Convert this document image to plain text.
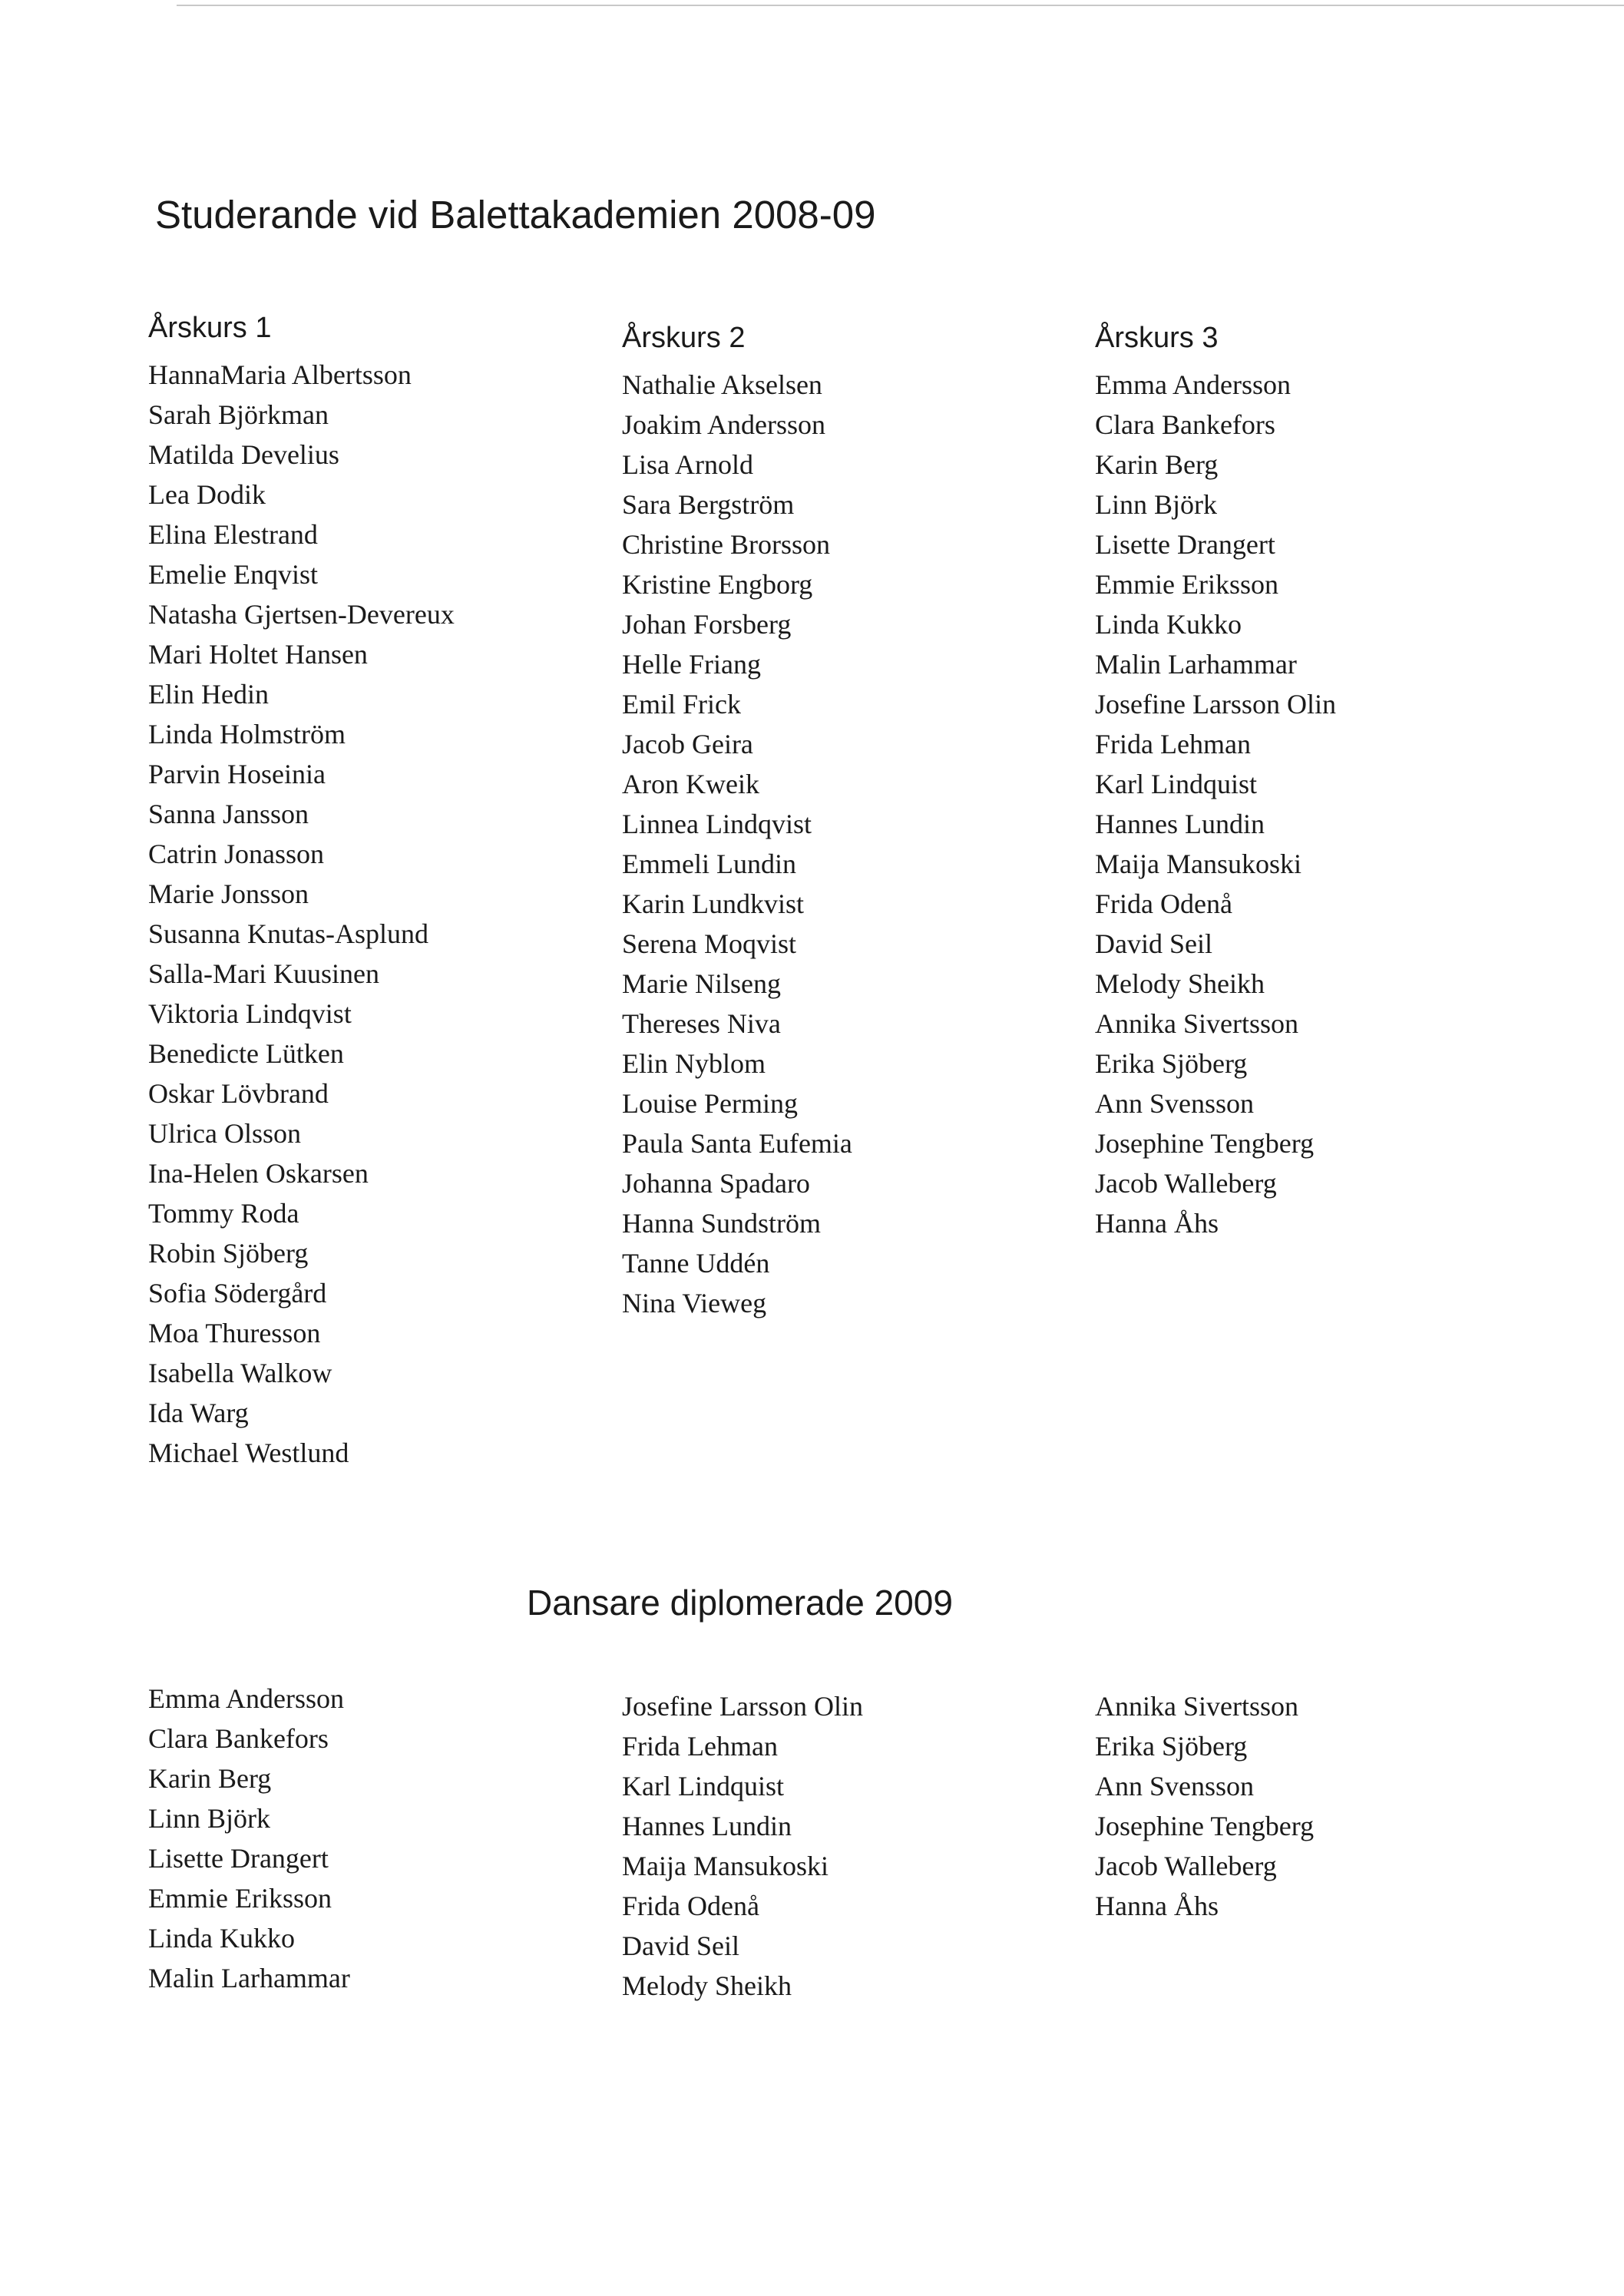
Studerande vid Balettakademien 2008-09
Årskurs 1
HannaMaria Albertsson
Sarah Björkman
Matilda Develius
Lea Dodik
Elina Elestrand
Emelie Enqvist
Natasha Gjertsen-Devereux
Mari Holtet Hansen
Elin Hedin
Linda Holmström
Parvin Hoseinia
Sanna Jansson
Catrin Jonasson
Marie Jonsson
Susanna Knutas-Asplund
Salla-Mari Kuusinen
Viktoria Lindqvist
Benedicte Lütken
Oskar Lövbrand
Ulrica Olsson
Ina-Helen Oskarsen
Tommy Roda
Robin Sjöberg
Sofia Södergård
Moa Thuresson
Isabella Walkow
Ida Warg
Michael Westlund
Årskurs 2
Nathalie Akselsen
Joakim Andersson
Lisa Arnold
Sara Bergström
Christine Brorsson
Kristine Engborg
Johan Forsberg
Helle Friang
Emil Frick
Jacob Geira
Aron Kweik
Linnea Lindqvist
Emmeli Lundin
Karin Lundkvist
Serena Moqvist
Marie Nilseng
Thereses Niva
Elin Nyblom
Louise Perming
Paula Santa Eufemia
Johanna Spadaro
Hanna Sundström
Tanne Uddén
Nina Vieweg
Årskurs 3
Emma Andersson
Clara Bankefors
Karin Berg
Linn Björk
Lisette Drangert
Emmie Eriksson
Linda Kukko
Malin Larhammar
Josefine Larsson Olin
Frida Lehman
Karl Lindquist
Hannes Lundin
Maija Mansukoski
Frida Odenå
David Seil
Melody Sheikh
Annika Sivertsson
Erika Sjöberg
Ann Svensson
Josephine Tengberg
Jacob Walleberg
Hanna Åhs
Dansare diplomerade 2009
Emma Andersson
Clara Bankefors
Karin Berg
Linn Björk
Lisette Drangert
Emmie Eriksson
Linda Kukko
Malin Larhammar
Josefine Larsson Olin
Frida Lehman
Karl Lindquist
Hannes Lundin
Maija Mansukoski
Frida Odenå
David Seil
Melody Sheikh
Annika Sivertsson
Erika Sjöberg
Ann Svensson
Josephine Tengberg
Jacob Walleberg
Hanna Åhs
